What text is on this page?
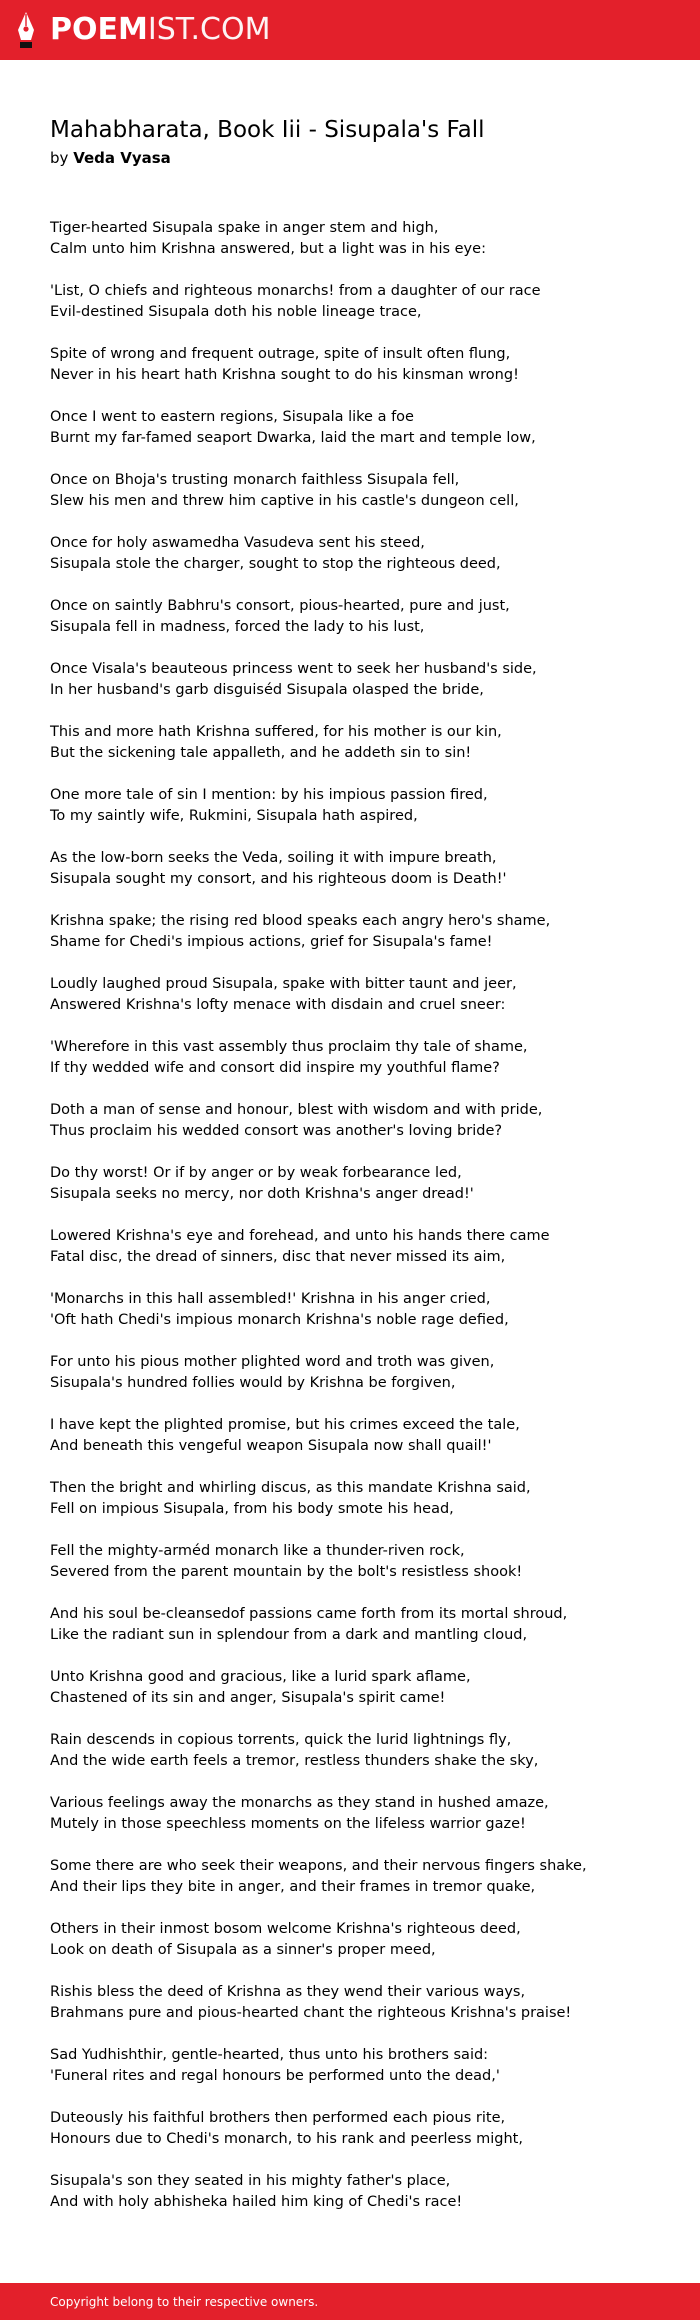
POEMIST.COM
Mahabharata, Book Iii - Sisupala's Fall
by Veda Vyasa
Tiger-hearted Sisupala spake in anger stem and high,
Calm unto him Krishna answered, but a light was in his eye:
'List, O chiefs and righteous monarchs! from a daughter of our race
Evil-destined Sisupala doth his noble lineage trace,
Spite of wrong and frequent outrage, spite of insult often flung,
Never in his heart hath Krishna sought to do his kinsman wrong!
Once I went to eastern regions, Sisupala like a foe
Burnt my far-famed seaport Dwarka, laid the mart and temple low,
Once on Bhoja's trusting monarch faithless Sisupala fell,
Slew his men and threw him captive in his castle's dungeon cell,
Once for holy aswamedha Vasudeva sent his steed,
Sisupala stole the charger, sought to stop the righteous deed,
Once on saintly Babhru's consort, pious-hearted, pure and just,
Sisupala fell in madness, forced the lady to his lust,
Once Visala's beauteous princess went to seek her husband's side,
In her husband's garb disguiséd Sisupala olasped the bride,
This and more hath Krishna suffered, for his mother is our kin,
But the sickening tale appalleth, and he addeth sin to sin!
One more tale of sin I mention: by his impious passion fired,
To my saintly wife, Rukmini, Sisupala hath aspired,
As the low-born seeks the Veda, soiling it with impure breath,
Sisupala sought my consort, and his righteous doom is Death!'
Krishna spake; the rising red blood speaks each angry hero's shame,
Shame for Chedi's impious actions, grief for Sisupala's fame!
Loudly laughed proud Sisupala, spake with bitter taunt and jeer,
Answered Krishna's lofty menace with disdain and cruel sneer:
'Wherefore in this vast assembly thus proclaim thy tale of shame,
If thy wedded wife and consort did inspire my youthful flame?
Doth a man of sense and honour, blest with wisdom and with pride,
Thus proclaim his wedded consort was another's loving bride?
Do thy worst! Or if by anger or by weak forbearance led,
Sisupala seeks no mercy, nor doth Krishna's anger dread!'
Lowered Krishna's eye and forehead, and unto his hands there came
Fatal disc, the dread of sinners, disc that never missed its aim,
'Monarchs in this hall assembled!' Krishna in his anger cried,
'Oft hath Chedi's impious monarch Krishna's noble rage defied,
For unto his pious mother plighted word and troth was given,
Sisupala's hundred follies would by Krishna be forgiven,
I have kept the plighted promise, but his crimes exceed the tale,
And beneath this vengeful weapon Sisupala now shall quail!'
Then the bright and whirling discus, as this mandate Krishna said,
Fell on impious Sisupala, from his body smote his head,
Fell the mighty-arméd monarch like a thunder-riven rock,
Severed from the parent mountain by the bolt's resistless shook!
And his soul be-cleansedof passions came forth from its mortal shroud,
Like the radiant sun in splendour from a dark and mantling cloud,
Unto Krishna good and gracious, like a lurid spark aflame,
Chastened of its sin and anger, Sisupala's spirit came!
Rain descends in copious torrents, quick the lurid lightnings fly,
And the wide earth feels a tremor, restless thunders shake the sky,
Various feelings away the monarchs as they stand in hushed amaze,
Mutely in those speechless moments on the lifeless warrior gaze!
Some there are who seek their weapons, and their nervous fingers shake,
And their lips they bite in anger, and their frames in tremor quake,
Others in their inmost bosom welcome Krishna's righteous deed,
Look on death of Sisupala as a sinner's proper meed,
Rishis bless the deed of Krishna as they wend their various ways,
Brahmans pure and pious-hearted chant the righteous Krishna's praise!
Sad Yudhishthir, gentle-hearted, thus unto his brothers said:
'Funeral rites and regal honours be performed unto the dead,'
Duteously his faithful brothers then performed each pious rite,
Honours due to Chedi's monarch, to his rank and peerless might,
Sisupala's son they seated in his mighty father's place,
And with holy abhisheka hailed him king of Chedi's race!
Copyright belong to their respective owners.
